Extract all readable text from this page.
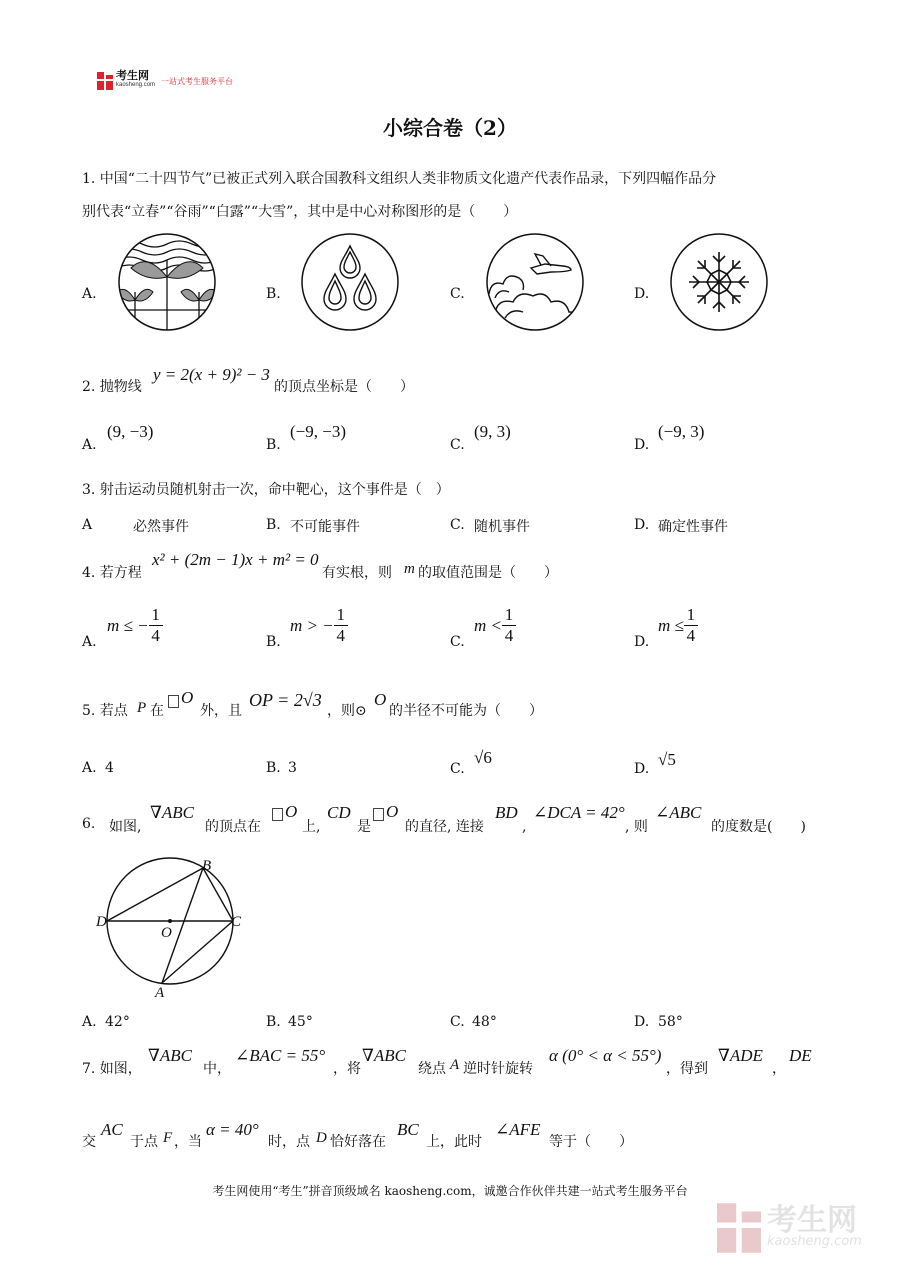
考生网
kaosheng.com 一站式考生服务平台
小综合卷（2）
1. 中国“二十四节气”已被正式列入联合国教科文组织人类非物质文化遗产代表作品录，下列四幅作品分
别代表“立春”“谷雨”“白露”“大雪”，其中是中心对称图形的是（　　）
A.	B.	C.	D.
2. 抛物线
y = 2(x + 9)² − 3
的顶点坐标是（　　）
A.
(9, −3)
B.
(−9, −3)
C.
(9, 3)
D.
(−9, 3)
3. 射击运动员随机射击一次，命中靶心，这个事件是（　）
A	必然事件	B. 不可能事件	C. 随机事件	D. 确定性事件
4. 若方程
x² + (2m − 1)x + m² = 0
有实根，则 m 的取值范围是（　　）
A.
m ≤ − $\frac{1}{4}$	B.
m > − $\frac{1}{4}$	C.
$m < \frac{1}{4}$	D.
$m \le \frac{1}{4}$
5. 若点 P 在
O
外，且
OP = 2√3
，则⊙
O
的半径不可能为（　　）
A. 4	B. 3	C.
√6
D. √5
6. 如图,
∇ABC
的顶点在
O
上,
CD
是
O
的直径, 连接
BD
,
∠DCA = 42°
, 则
∠ABC
的度数是(　　)
B
D	C
O
A
A. 42°	B. 45°	C. 48°	D. 58°
7. 如图，
∇ABC
中，
∠BAC = 55°
，将
∇ABC
绕点 A 逆时针旋转
α (0° < α < 55°)
，得到
∇ADE
，
DE
交
AC
于点 F ，当
α = 40°
时，点 D 恰好落在
BC
上，此时
∠AFE
等于（　　）
考生网使用“考生”拼音顶级域名 kaosheng.com，诚邀合作伙伴共建一站式考生服务平台
考生网
kaosheng.com
